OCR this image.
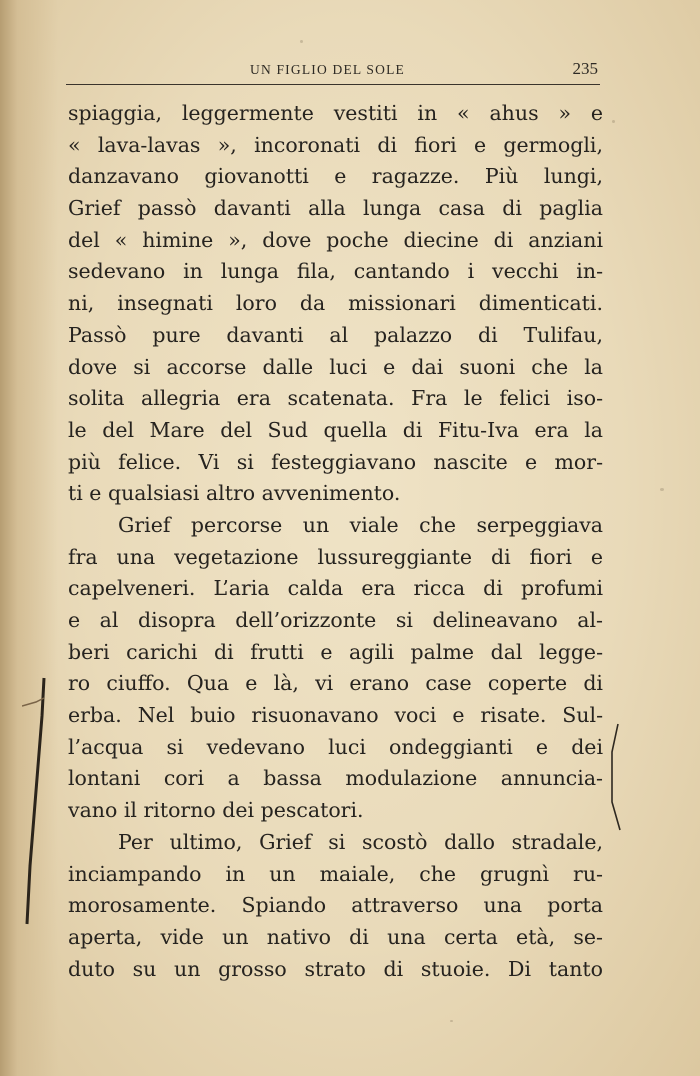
UN FIGLIO DEL SOLE	235
spiaggia, leggermente vestiti in « ahus » e
« lava-lavas », incoronati di fiori e germogli,
danzavano giovanotti e ragazze. Più lungi,
Grief passò davanti alla lunga casa di paglia
del « himine », dove poche diecine di anziani
sedevano in lunga fila, cantando i vecchi in-
ni, insegnati loro da missionari dimenticati.
Passò pure davanti al palazzo di Tulifau,
dove si accorse dalle luci e dai suoni che la
solita allegria era scatenata. Fra le felici iso-
le del Mare del Sud quella di Fitu-Iva era la
più felice. Vi si festeggiavano nascite e mor-
ti e qualsiasi altro avvenimento.
Grief percorse un viale che serpeggiava
fra una vegetazione lussureggiante di fiori e
capelveneri. L’aria calda era ricca di profumi
e al disopra dell’orizzonte si delineavano al-
beri carichi di frutti e agili palme dal legge-
ro ciuffo. Qua e là, vi erano case coperte di
erba. Nel buio risuonavano voci e risate. Sul-
l’acqua si vedevano luci ondeggianti e dei
lontani cori a bassa modulazione annuncia-
vano il ritorno dei pescatori.
Per ultimo, Grief si scostò dallo stradale,
inciampando in un maiale, che grugnì ru-
morosamente. Spiando attraverso una porta
aperta, vide un nativo di una certa età, se-
duto su un grosso strato di stuoie. Di tanto
